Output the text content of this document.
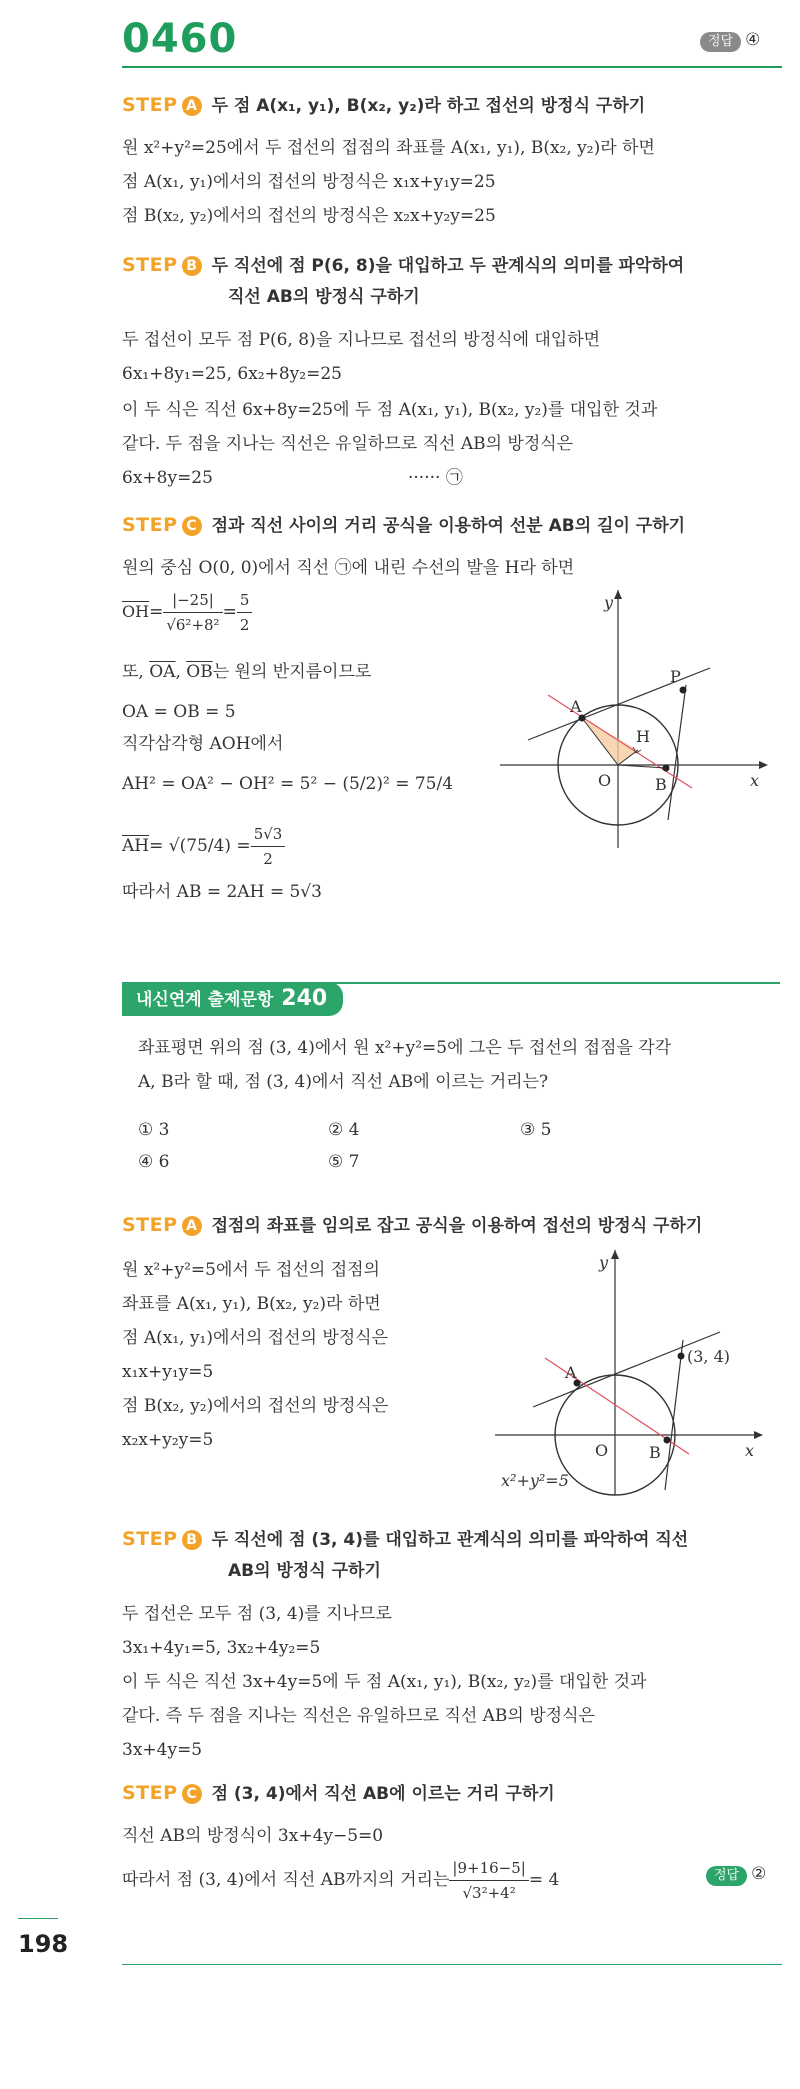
0460	정답 ④
STEP A 두 점 A(x₁, y₁), B(x₂, y₂)라 하고 접선의 방정식 구하기
원 x²+y²=25에서 두 접선의 접점의 좌표를 A(x₁, y₁), B(x₂, y₂)라 하면
점 A(x₁, y₁)에서의 접선의 방정식은 x₁x+y₁y=25
점 B(x₂, y₂)에서의 접선의 방정식은 x₂x+y₂y=25
STEP B 두 직선에 점 P(6, 8)을 대입하고 두 관계식의 의미를 파악하여
직선 AB의 방정식 구하기
두 접선이 모두 점 P(6, 8)을 지나므로 접선의 방정식에 대입하면
6x₁+8y₁=25, 6x₂+8y₂=25
이 두 식은 직선 6x+8y=25에 두 점 A(x₁, y₁), B(x₂, y₂)를 대입한 것과
같다. 두 점을 지나는 직선은 유일하므로 직선 AB의 방정식은
6x+8y=25	······ ㉠
STEP C 점과 직선 사이의 거리 공식을 이용하여 선분 AB의 길이 구하기
원의 중심 O(0, 0)에서 직선 ㉠에 내린 수선의 발을 H라 하면
$\overline{OH}= \frac{|-25|}{\text{√6²+8²}} = \frac{5}{2}$
또, $\overline{OA}$, $\overline{OB}$는 원의 반지름이므로
OA = OB = 5
직각삼각형 AOH에서
AH² = OA² − OH² = 5² − (5/2)² = 75/4
$\overline{AH}= √(75/4) = \frac{5√3}{2}$
따라서 AB = 2AH = 5√3
y
x
O
A
B
H
P
내신연계 출제문항 240
좌표평면 위의 점 (3, 4)에서 원 x²+y²=5에 그은 두 접선의 접점을 각각
A, B라 할 때, 점 (3, 4)에서 직선 AB에 이르는 거리는?
① 3	② 4	③ 5
④ 6	⑤ 7
STEP A 접점의 좌표를 임의로 잡고 공식을 이용하여 접선의 방정식 구하기
원 x²+y²=5에서 두 접선의 접점의
좌표를 A(x₁, y₁), B(x₂, y₂)라 하면
점 A(x₁, y₁)에서의 접선의 방정식은
x₁x+y₁y=5
점 B(x₂, y₂)에서의 접선의 방정식은
x₂x+y₂y=5
y
x
O
A
B
(3, 4)
x²+y²=5
STEP B 두 직선에 점 (3, 4)를 대입하고 관계식의 의미를 파악하여 직선
AB의 방정식 구하기
두 접선은 모두 점 (3, 4)를 지나므로
3x₁+4y₁=5, 3x₂+4y₂=5
이 두 식은 직선 3x+4y=5에 두 점 A(x₁, y₁), B(x₂, y₂)를 대입한 것과
같다. 즉 두 점을 지나는 직선은 유일하므로 직선 AB의 방정식은
3x+4y=5
STEP C 점 (3, 4)에서 직선 AB에 이르는 거리 구하기
직선 AB의 방정식이 3x+4y−5=0
따라서 점 (3, 4)에서 직선 AB까지의 거리는 $\frac{|9+16-5|}{\text{√3²+4²}} = 4$	정답 ②
198
